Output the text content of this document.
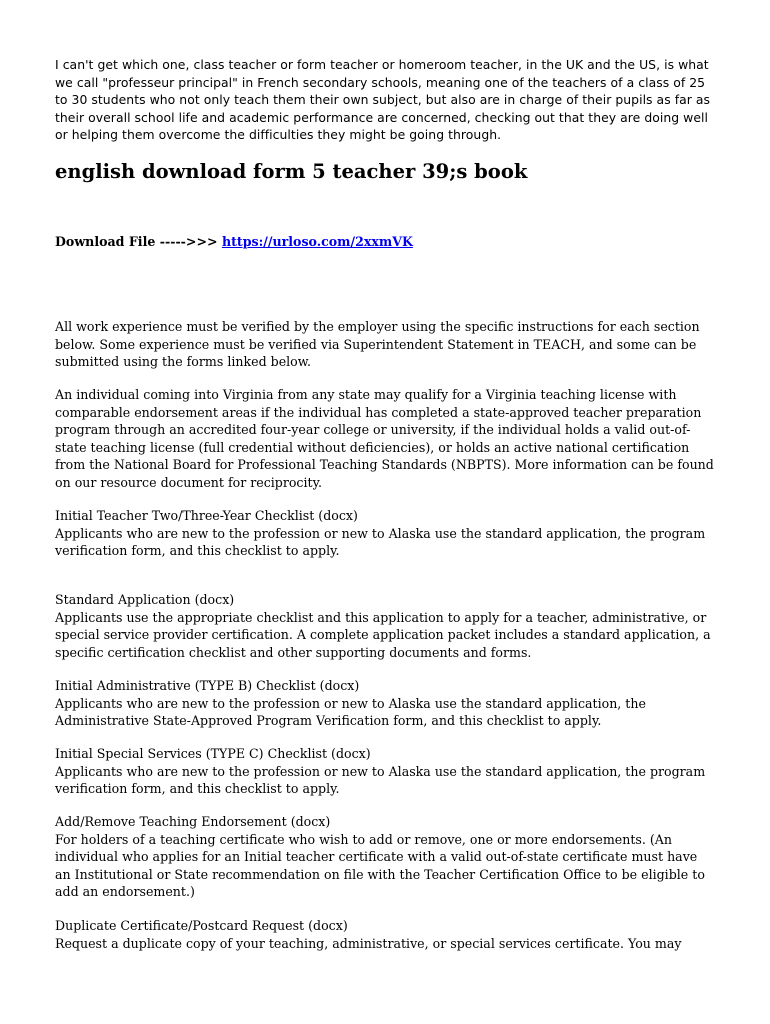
I can't get which one, class teacher or form teacher or homeroom teacher, in the UK and the US, is what we call "professeur principal" in French secondary schools, meaning one of the teachers of a class of 25 to 30 students who not only teach them their own subject, but also are in charge of their pupils as far as their overall school life and academic performance are concerned, checking out that they are doing well or helping them overcome the difficulties they might be going through.

english download form 5 teacher 39;s book
Download File ----->>> https://urloso.com/2xxmVK

All work experience must be verified by the employer using the specific instructions for each section below. Some experience must be verified via Superintendent Statement in TEACH, and some can be submitted using the forms linked below.

An individual coming into Virginia from any state may qualify for a Virginia teaching license with comparable endorsement areas if the individual has completed a state-approved teacher preparation program through an accredited four-year college or university, if the individual holds a valid out-of-state teaching license (full credential without deficiencies), or holds an active national certification from the National Board for Professional Teaching Standards (NBPTS). More information can be found on our resource document for reciprocity.

Initial Teacher Two/Three-Year Checklist (docx)

Applicants who are new to the profession or new to Alaska use the standard application, the program verification form, and this checklist to apply.

Standard Application (docx)

Applicants use the appropriate checklist and this application to apply for a teacher, administrative, or special service provider certification. A complete application packet includes a standard application, a specific certification checklist and other supporting documents and forms.

Initial Administrative (TYPE B) Checklist (docx)

Applicants who are new to the profession or new to Alaska use the standard application, the Administrative State-Approved Program Verification form, and this checklist to apply.

Initial Special Services (TYPE C) Checklist (docx)

Applicants who are new to the profession or new to Alaska use the standard application, the program verification form, and this checklist to apply.

Add/Remove Teaching Endorsement (docx)

For holders of a teaching certificate who wish to add or remove, one or more endorsements. (An individual who applies for an Initial teacher certificate with a valid out-of-state certificate must have an Institutional or State recommendation on file with the Teacher Certification Office to be eligible to add an endorsement.)

Duplicate Certificate/Postcard Request (docx)

Request a duplicate copy of your teaching, administrative, or special services certificate. You may
